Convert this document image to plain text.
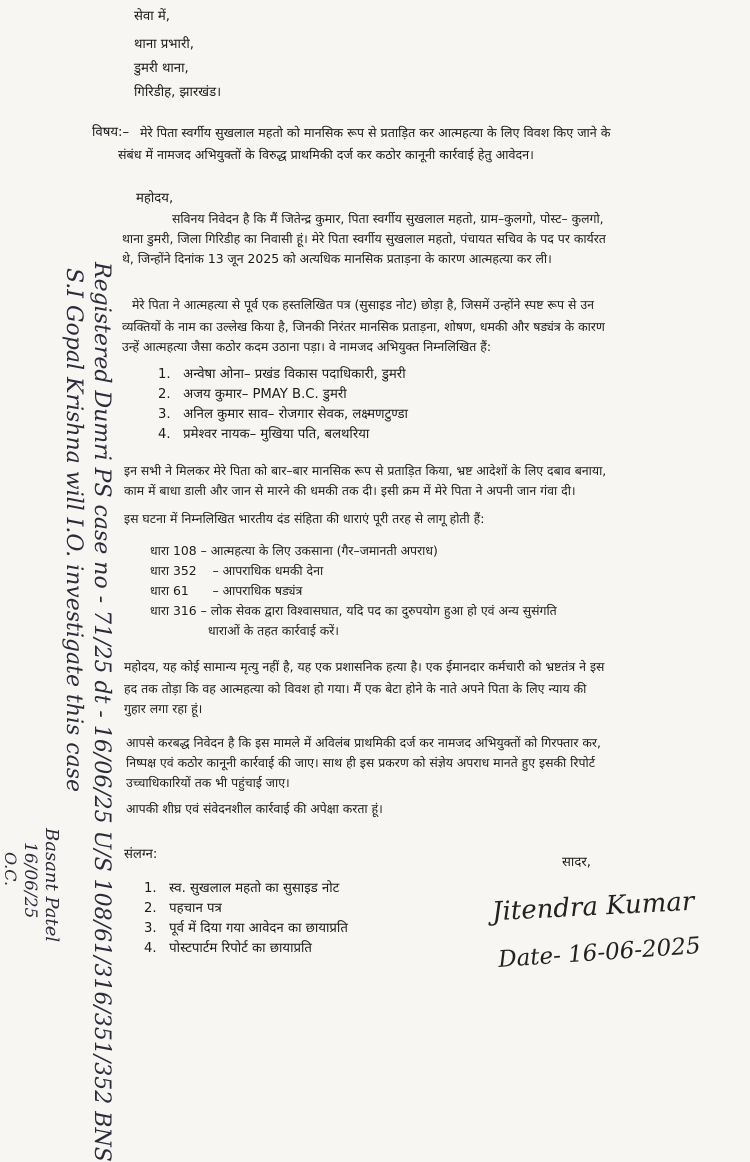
सेवा में,
थाना प्रभारी,
डुमरी थाना,
गिरिडीह, झारखंड।
विषय:– मेरे पिता स्वर्गीय सुखलाल महतो को मानसिक रूप से प्रताड़ित कर आत्महत्या के लिए विवश किए जाने के
संबंध में नामजद अभियुक्तों के विरुद्ध प्राथमिकी दर्ज कर कठोर कानूनी कार्रवाई हेतु आवेदन।
महोदय,
सविनय निवेदन है कि मैं जितेन्द्र कुमार, पिता स्वर्गीय सुखलाल महतो, ग्राम–कुलगो, पोस्ट– कुलगो,
थाना डुमरी, जिला गिरिडीह का निवासी हूं। मेरे पिता स्वर्गीय सुखलाल महतो, पंचायत सचिव के पद पर कार्यरत
थे, जिन्होंने दिनांक 13 जून 2025 को अत्यधिक मानसिक प्रताड़ना के कारण आत्महत्या कर ली।
मेरे पिता ने आत्महत्या से पूर्व एक हस्तलिखित पत्र (सुसाइड नोट) छोड़ा है, जिसमें उन्होंने स्पष्ट रूप से उन
व्यक्तियों के नाम का उल्लेख किया है, जिनकी निरंतर मानसिक प्रताड़ना, शोषण, धमकी और षड्यंत्र के कारण
उन्हें आत्महत्या जैसा कठोर कदम उठाना पड़ा। वे नामजद अभियुक्त निम्नलिखित हैं:
1.   अन्वेषा ओना– प्रखंड विकास पदाधिकारी, डुमरी
2.   अजय कुमार– PMAY B.C. डुमरी
3.   अनिल कुमार साव– रोजगार सेवक, लक्ष्मणटुण्डा
4.   प्रमेश्वर नायक– मुखिया पति, बलथरिया
इन सभी ने मिलकर मेरे पिता को बार–बार मानसिक रूप से प्रताड़ित किया, भ्रष्ट आदेशों के लिए दबाव बनाया,
काम में बाधा डाली और जान से मारने की धमकी तक दी। इसी क्रम में मेरे पिता ने अपनी जान गंवा दी।
इस घटना में निम्नलिखित भारतीय दंड संहिता की धाराएं पूरी तरह से लागू होती हैं:
धारा 108 – आत्महत्या के लिए उकसाना (गैर–जमानती अपराध)
धारा 352 – आपराधिक धमकी देना
धारा 61 – आपराधिक षड्यंत्र
धारा 316 – लोक सेवक द्वारा विश्वासघात, यदि पद का दुरुपयोग हुआ हो एवं अन्य सुसंगति
धाराओं के तहत कार्रवाई करें।
महोदय, यह कोई सामान्य मृत्यु नहीं है, यह एक प्रशासनिक हत्या है। एक ईमानदार कर्मचारी को भ्रष्टतंत्र ने इस
हद तक तोड़ा कि वह आत्महत्या को विवश हो गया। मैं एक बेटा होने के नाते अपने पिता के लिए न्याय की
गुहार लगा रहा हूं।
आपसे करबद्ध निवेदन है कि इस मामले में अविलंब प्राथमिकी दर्ज कर नामजद अभियुक्तों को गिरफ्तार कर,
निष्पक्ष एवं कठोर कानूनी कार्रवाई की जाए। साथ ही इस प्रकरण को संज्ञेय अपराध मानते हुए इसकी रिपोर्ट
उच्चाधिकारियों तक भी पहुंचाई जाए।
आपकी शीघ्र एवं संवेदनशील कार्रवाई की अपेक्षा करता हूं।
संलग्न:
1.   स्व. सुखलाल महतो का सुसाइड नोट
2.   पहचान पत्र
3.   पूर्व में दिया गया आवेदन का छायाप्रति
4.   पोस्टपार्टम रिपोर्ट का छायाप्रति
सादर,
Jitendra Kumar
Date- 16-06-2025
Registered Dumri PS case no - 71/25 dt - 16/06/25 U/S 108/61/316/351/352 BNS
S.I Gopal Krishna will I.O. investigate this case
Basant Patel
16/06/25
O.C.
